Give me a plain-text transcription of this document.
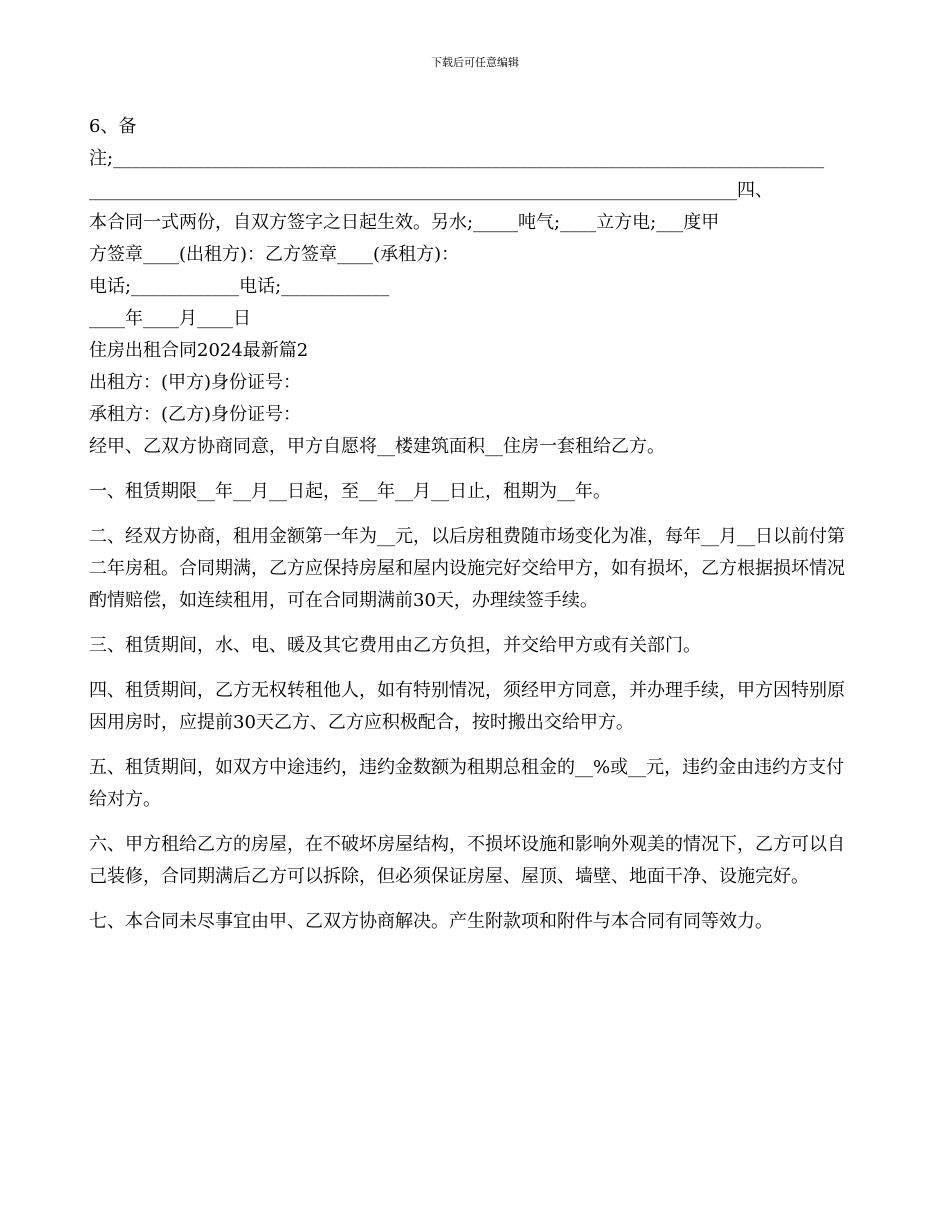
下载后可任意编辑
6、备
注;_______________________________________________________________________________
________________________________________________________________________四、
本合同一式两份，自双方签字之日起生效。另水;_____吨气;____立方电;___度甲
方签章____(出租方)：乙方签章____(承租方)：
电话;____________电话;____________
____年____月____日
住房出租合同2024最新篇2
出租方：(甲方)身份证号：
承租方：(乙方)身份证号：
经甲、乙双方协商同意，甲方自愿将__楼建筑面积__住房一套租给乙方。

一、租赁期限__年__月__日起，至__年__月__日止，租期为__年。

二、经双方协商，租用金额第一年为__元，以后房租费随市场变化为准，每年__月__日以前付第二年房租。合同期满，乙方应保持房屋和屋内设施完好交给甲方，如有损坏，乙方根据损坏情况酌情赔偿，如连续租用，可在合同期满前30天，办理续签手续。

三、租赁期间，水、电、暖及其它费用由乙方负担，并交给甲方或有关部门。

四、租赁期间，乙方无权转租他人，如有特别情况，须经甲方同意，并办理手续，甲方因特别原因用房时，应提前30天乙方、乙方应积极配合，按时搬出交给甲方。

五、租赁期间，如双方中途违约，违约金数额为租期总租金的__%或__元，违约金由违约方支付给对方。

六、甲方租给乙方的房屋，在不破坏房屋结构，不损坏设施和影响外观美的情况下，乙方可以自己装修，合同期满后乙方可以拆除，但必须保证房屋、屋顶、墙壁、地面干净、设施完好。

七、本合同未尽事宜由甲、乙双方协商解决。产生附款项和附件与本合同有同等效力。
